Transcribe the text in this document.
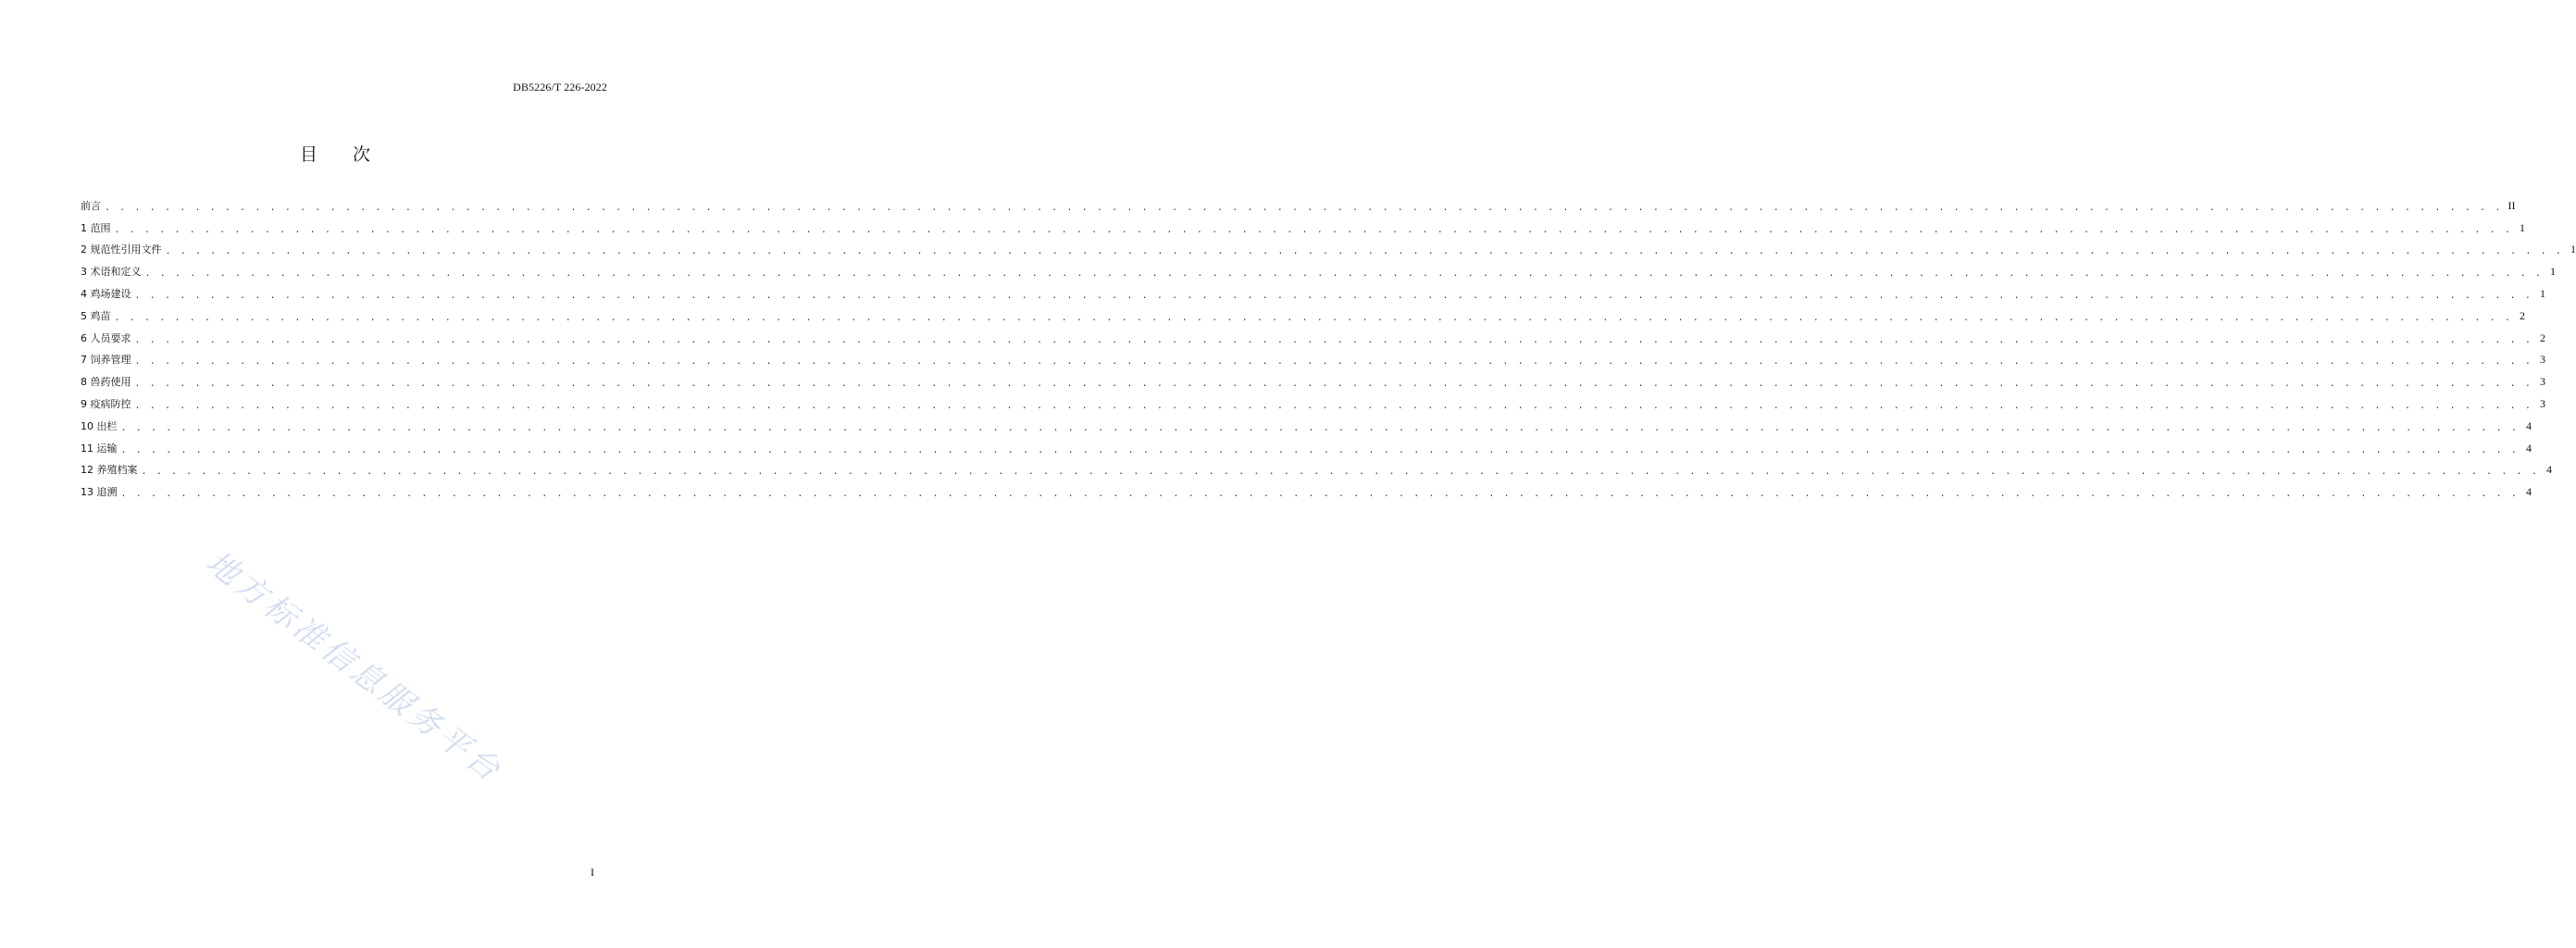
DB5226/T 226-2022
目次
前言 . . . . . . . . . . . . . . . . . . . . . . . . . . . . . . . . . . . . . . . . . . . . . . . . . . . . . . . . . . . . . . . . . . . . . . . . . . . . . . . . . . . . . . . . . . . . . . . . . . . . . . . . . . . . . . . . . . . . . . . . . . . . . . . . . . . . . . . . . . . . . . . . . . . . . . . . . . . . . . . . II
1 范围 . . . . . . . . . . . . . . . . . . . . . . . . . . . . . . . . . . . . . . . . . . . . . . . . . . . . . . . . . . . . . . . . . . . . . . . . . . . . . . . . . . . . . . . . . . . . . . . . . . . . . . . . . . . . . . . . . . . . . . . . . . . . . . . . . . . . . . . . . . . . . . . . . . . . . . . . . . . . . . . . 1
2 规范性引用文件 . . . . . . . . . . . . . . . . . . . . . . . . . . . . . . . . . . . . . . . . . . . . . . . . . . . . . . . . . . . . . . . . . . . . . . . . . . . . . . . . . . . . . . . . . . . . . . . . . . . . . . . . . . . . . . . . . . . . . . . . . . . . . . . . . . . . . . . . . . . . . . . . . . . . . . . . . . . . . . . . 1
3 术语和定义 . . . . . . . . . . . . . . . . . . . . . . . . . . . . . . . . . . . . . . . . . . . . . . . . . . . . . . . . . . . . . . . . . . . . . . . . . . . . . . . . . . . . . . . . . . . . . . . . . . . . . . . . . . . . . . . . . . . . . . . . . . . . . . . . . . . . . . . . . . . . . . . . . . . . . . . . . . . . . . . . 1
4 鸡场建设 . . . . . . . . . . . . . . . . . . . . . . . . . . . . . . . . . . . . . . . . . . . . . . . . . . . . . . . . . . . . . . . . . . . . . . . . . . . . . . . . . . . . . . . . . . . . . . . . . . . . . . . . . . . . . . . . . . . . . . . . . . . . . . . . . . . . . . . . . . . . . . . . . . . . . . . . . . . . . . . . 1
5 鸡苗 . . . . . . . . . . . . . . . . . . . . . . . . . . . . . . . . . . . . . . . . . . . . . . . . . . . . . . . . . . . . . . . . . . . . . . . . . . . . . . . . . . . . . . . . . . . . . . . . . . . . . . . . . . . . . . . . . . . . . . . . . . . . . . . . . . . . . . . . . . . . . . . . . . . . . . . . . . . . . . . . 2
6 人员要求 . . . . . . . . . . . . . . . . . . . . . . . . . . . . . . . . . . . . . . . . . . . . . . . . . . . . . . . . . . . . . . . . . . . . . . . . . . . . . . . . . . . . . . . . . . . . . . . . . . . . . . . . . . . . . . . . . . . . . . . . . . . . . . . . . . . . . . . . . . . . . . . . . . . . . . . . . . . . . . . . 2
7 饲养管理 . . . . . . . . . . . . . . . . . . . . . . . . . . . . . . . . . . . . . . . . . . . . . . . . . . . . . . . . . . . . . . . . . . . . . . . . . . . . . . . . . . . . . . . . . . . . . . . . . . . . . . . . . . . . . . . . . . . . . . . . . . . . . . . . . . . . . . . . . . . . . . . . . . . . . . . . . . . . . . . . 3
8 兽药使用 . . . . . . . . . . . . . . . . . . . . . . . . . . . . . . . . . . . . . . . . . . . . . . . . . . . . . . . . . . . . . . . . . . . . . . . . . . . . . . . . . . . . . . . . . . . . . . . . . . . . . . . . . . . . . . . . . . . . . . . . . . . . . . . . . . . . . . . . . . . . . . . . . . . . . . . . . . . . . . . . 3
9 疫病防控 . . . . . . . . . . . . . . . . . . . . . . . . . . . . . . . . . . . . . . . . . . . . . . . . . . . . . . . . . . . . . . . . . . . . . . . . . . . . . . . . . . . . . . . . . . . . . . . . . . . . . . . . . . . . . . . . . . . . . . . . . . . . . . . . . . . . . . . . . . . . . . . . . . . . . . . . . . . . . . . . 3
10 出栏 . . . . . . . . . . . . . . . . . . . . . . . . . . . . . . . . . . . . . . . . . . . . . . . . . . . . . . . . . . . . . . . . . . . . . . . . . . . . . . . . . . . . . . . . . . . . . . . . . . . . . . . . . . . . . . . . . . . . . . . . . . . . . . . . . . . . . . . . . . . . . . . . . . . . . . . . . . . . . . . . 4
11 运输 . . . . . . . . . . . . . . . . . . . . . . . . . . . . . . . . . . . . . . . . . . . . . . . . . . . . . . . . . . . . . . . . . . . . . . . . . . . . . . . . . . . . . . . . . . . . . . . . . . . . . . . . . . . . . . . . . . . . . . . . . . . . . . . . . . . . . . . . . . . . . . . . . . . . . . . . . . . . . . . . 4
12 养殖档案 . . . . . . . . . . . . . . . . . . . . . . . . . . . . . . . . . . . . . . . . . . . . . . . . . . . . . . . . . . . . . . . . . . . . . . . . . . . . . . . . . . . . . . . . . . . . . . . . . . . . . . . . . . . . . . . . . . . . . . . . . . . . . . . . . . . . . . . . . . . . . . . . . . . . . . . . . . . . . . . . 4
13 追溯 . . . . . . . . . . . . . . . . . . . . . . . . . . . . . . . . . . . . . . . . . . . . . . . . . . . . . . . . . . . . . . . . . . . . . . . . . . . . . . . . . . . . . . . . . . . . . . . . . . . . . . . . . . . . . . . . . . . . . . . . . . . . . . . . . . . . . . . . . . . . . . . . . . . . . . . . . . . . . . . . 4
地方标准信息服务平台
I
